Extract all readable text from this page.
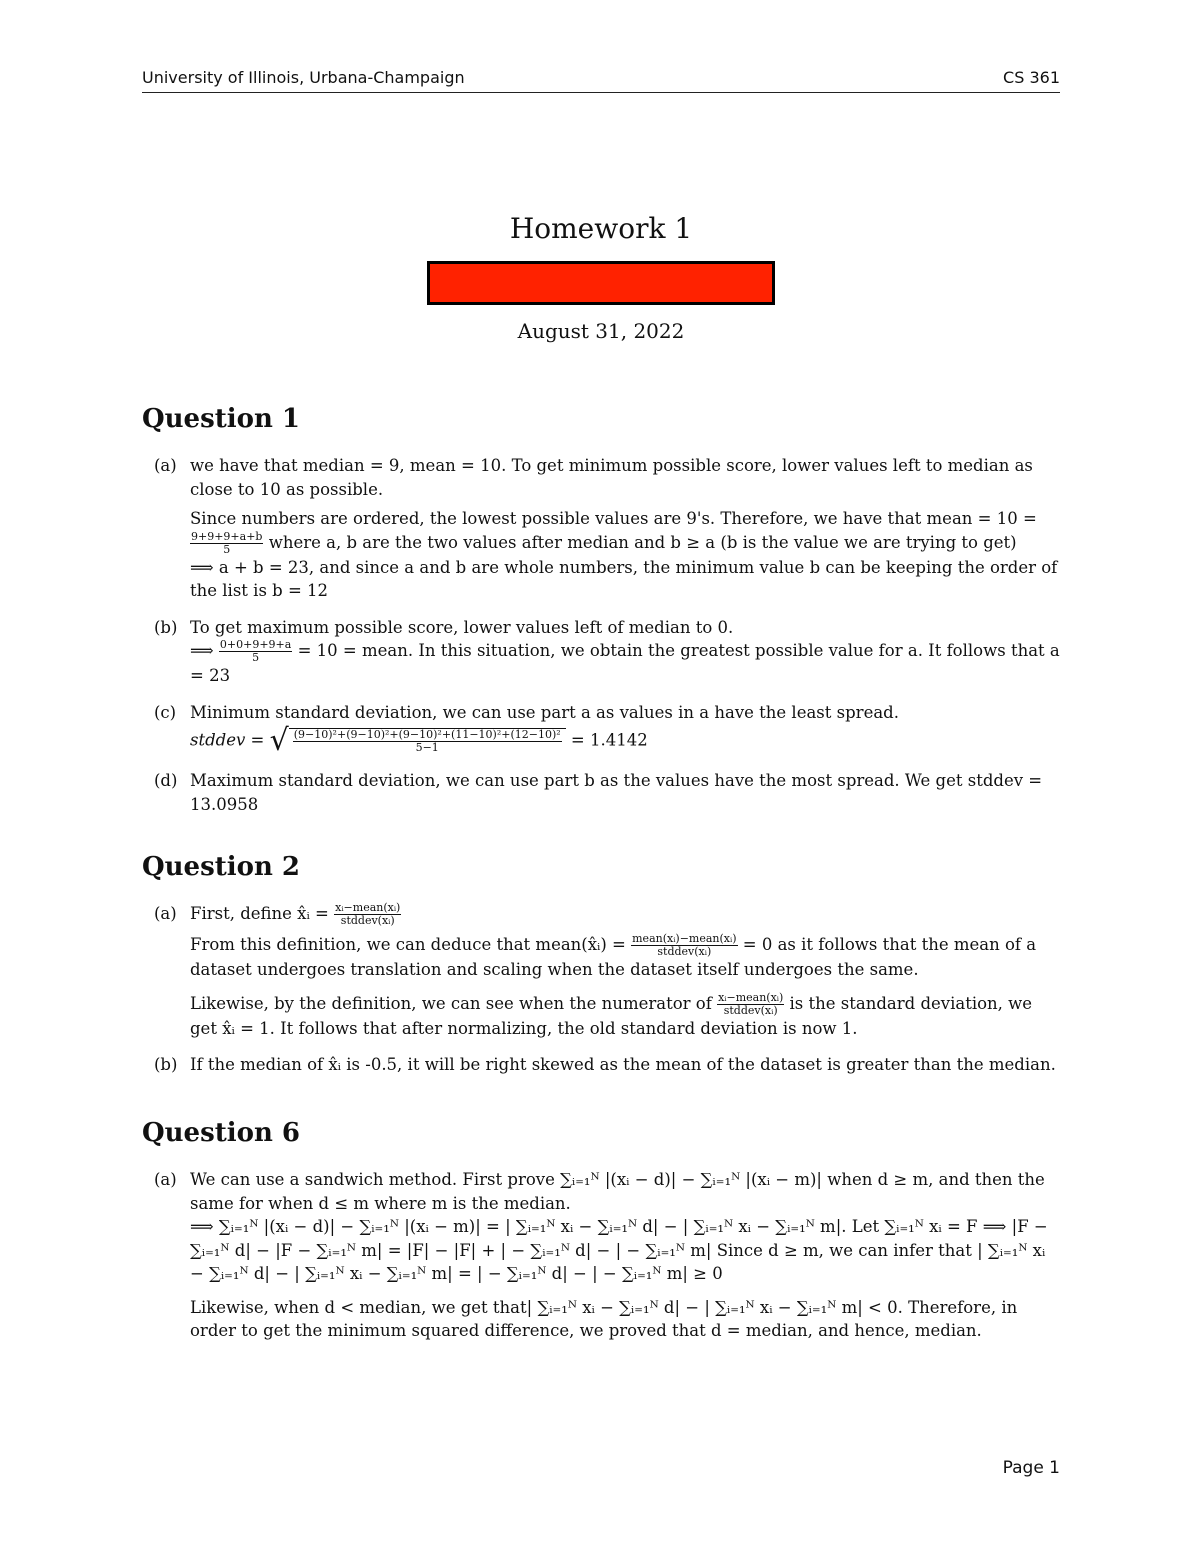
University of Illinois, Urbana-Champaign	CS 361
Homework 1
August 31, 2022
Question 1
(a) we have that median = 9, mean = 10. To get minimum possible score, lower values left to median as close to 10 as possible.

Since numbers are ordered, the lowest possible values are 9's. Therefore, we have that mean = 10 =
$\frac{9+9+9+a+b}{5}$ where a, b are the two values after median and b ≥ a (b is the value we are trying to get)

⟹ a + b = 23, and since a and b are whole numbers, the minimum value b can be keeping the order of the list is b = 12

(b) To get maximum possible score, lower values left of median to 0.

⟹ $\frac{0+0+9+9+a}{5} = 10$ = mean. In this situation, we obtain the greatest possible value for a. It follows that a = 23

(c) Minimum standard deviation, we can use part a as values in a have the least spread.

stddev = √ $\frac{\text{(9−10)²+(9−10)²+(9−10)²+(11−10)²+(12−10)²}}{5-1} = 1.4142$

(d) Maximum standard deviation, we can use part b as the values have the most spread. We get stddev = 13.0958

Question 2
(a) First, define x̂ᵢ = $\frac{\text{xᵢ−mean(xᵢ)}}{\text{stddev(xᵢ)}}$

From this definition, we can deduce that mean(x̂ᵢ) = $\frac{\text{mean(xᵢ)−mean(xᵢ)}}{\text{stddev(xᵢ)}} = 0$ as it follows that the mean of a dataset undergoes translation and scaling when the dataset itself undergoes the same.

Likewise, by the definition, we can see when the numerator of $\frac{\text{xᵢ−mean(xᵢ)}}{\text{stddev(xᵢ)}}$ is the standard deviation, we get x̂ᵢ = 1. It follows that after normalizing, the old standard deviation is now 1.

(b) If the median of x̂ᵢ is -0.5, it will be right skewed as the mean of the dataset is greater than the median.

Question 6
(a) We can use a sandwich method. First prove ∑ᵢ₌₁ᴺ |(xᵢ − d)| − ∑ᵢ₌₁ᴺ |(xᵢ − m)| when d ≥ m, and then the same for when d ≤ m where m is the median.

⟹ ∑ᵢ₌₁ᴺ |(xᵢ − d)| − ∑ᵢ₌₁ᴺ |(xᵢ − m)| = | ∑ᵢ₌₁ᴺ xᵢ − ∑ᵢ₌₁ᴺ d| − | ∑ᵢ₌₁ᴺ xᵢ − ∑ᵢ₌₁ᴺ m|. Let ∑ᵢ₌₁ᴺ xᵢ = F ⟹ |F − ∑ᵢ₌₁ᴺ d| − |F − ∑ᵢ₌₁ᴺ m| = |F| − |F| + | − ∑ᵢ₌₁ᴺ d| − | − ∑ᵢ₌₁ᴺ m| Since d ≥ m, we can infer that | ∑ᵢ₌₁ᴺ xᵢ − ∑ᵢ₌₁ᴺ d| − | ∑ᵢ₌₁ᴺ xᵢ − ∑ᵢ₌₁ᴺ m| = | − ∑ᵢ₌₁ᴺ d| − | − ∑ᵢ₌₁ᴺ m| ≥ 0

Likewise, when d < median, we get that| ∑ᵢ₌₁ᴺ xᵢ − ∑ᵢ₌₁ᴺ d| − | ∑ᵢ₌₁ᴺ xᵢ − ∑ᵢ₌₁ᴺ m| < 0. Therefore, in order to get the minimum squared difference, we proved that d = median, and hence, median.

Page 1
